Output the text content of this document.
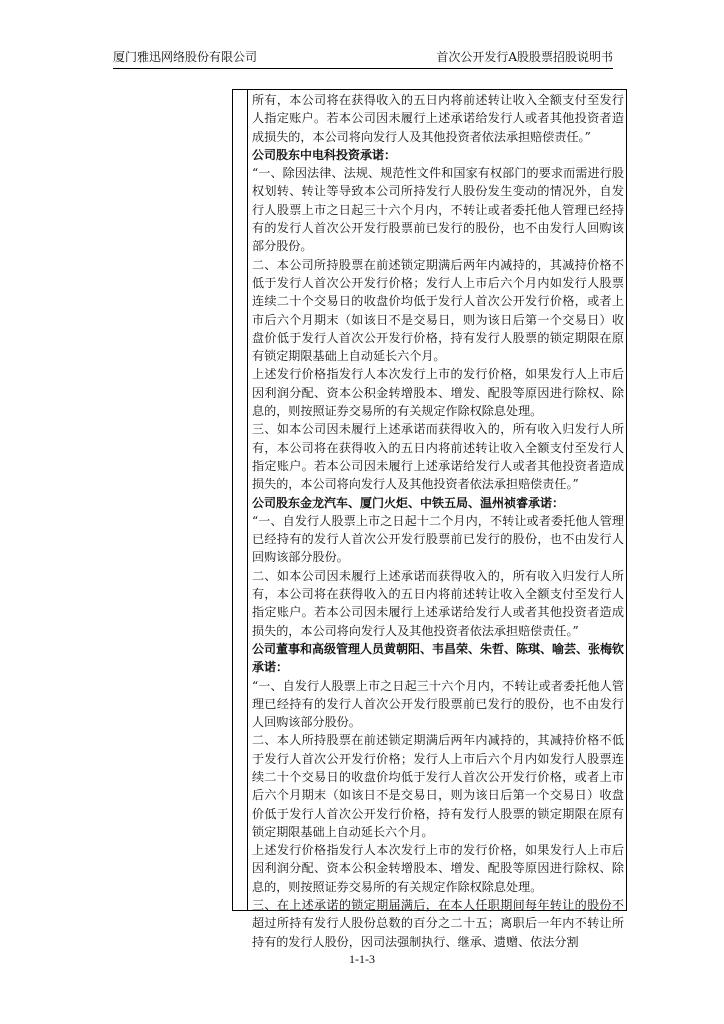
厦门雅迅网络股份有限公司	首次公开发行A股股票招股说明书

所有，本公司将在获得收入的五日内将前述转让收入全额支付至发行人指定账户。若本公司因未履行上述承诺给发行人或者其他投资者造成损失的，本公司将向发行人及其他投资者依法承担赔偿责任。”

公司股东中电科投资承诺：

“一、除因法律、法规、规范性文件和国家有权部门的要求而需进行股权划转、转让等导致本公司所持发行人股份发生变动的情况外，自发行人股票上市之日起三十六个月内，不转让或者委托他人管理已经持有的发行人首次公开发行股票前已发行的股份，也不由发行人回购该部分股份。

二、本公司所持股票在前述锁定期满后两年内减持的，其减持价格不低于发行人首次公开发行价格；发行人上市后六个月内如发行人股票连续二十个交易日的收盘价均低于发行人首次公开发行价格，或者上市后六个月期末（如该日不是交易日，则为该日后第一个交易日）收盘价低于发行人首次公开发行价格，持有发行人股票的锁定期限在原有锁定期限基础上自动延长六个月。

上述发行价格指发行人本次发行上市的发行价格，如果发行人上市后因利润分配、资本公积金转增股本、增发、配股等原因进行除权、除息的，则按照证券交易所的有关规定作除权除息处理。

三、如本公司因未履行上述承诺而获得收入的，所有收入归发行人所有，本公司将在获得收入的五日内将前述转让收入全额支付至发行人指定账户。若本公司因未履行上述承诺给发行人或者其他投资者造成损失的，本公司将向发行人及其他投资者依法承担赔偿责任。”

公司股东金龙汽车、厦门火炬、中铁五局、温州祯睿承诺：

“一、自发行人股票上市之日起十二个月内，不转让或者委托他人管理已经持有的发行人首次公开发行股票前已发行的股份，也不由发行人回购该部分股份。

二、如本公司因未履行上述承诺而获得收入的，所有收入归发行人所有，本公司将在获得收入的五日内将前述转让收入全额支付至发行人指定账户。若本公司因未履行上述承诺给发行人或者其他投资者造成损失的，本公司将向发行人及其他投资者依法承担赔偿责任。”

公司董事和高级管理人员黄朝阳、韦昌荣、朱哲、陈琪、喻芸、张梅钦承诺：

“一、自发行人股票上市之日起三十六个月内，不转让或者委托他人管理已经持有的发行人首次公开发行股票前已发行的股份，也不由发行人回购该部分股份。

二、本人所持股票在前述锁定期满后两年内减持的，其减持价格不低于发行人首次公开发行价格；发行人上市后六个月内如发行人股票连续二十个交易日的收盘价均低于发行人首次公开发行价格，或者上市后六个月期末（如该日不是交易日，则为该日后第一个交易日）收盘价低于发行人首次公开发行价格，持有发行人股票的锁定期限在原有锁定期限基础上自动延长六个月。

上述发行价格指发行人本次发行上市的发行价格，如果发行人上市后因利润分配、资本公积金转增股本、增发、配股等原因进行除权、除息的，则按照证券交易所的有关规定作除权除息处理。

三、在上述承诺的锁定期届满后，在本人任职期间每年转让的股份不超过所持有发行人股份总数的百分之二十五；离职后一年内不转让所持有的发行人股份，因司法强制执行、继承、遗赠、依法分割

1-1-3
